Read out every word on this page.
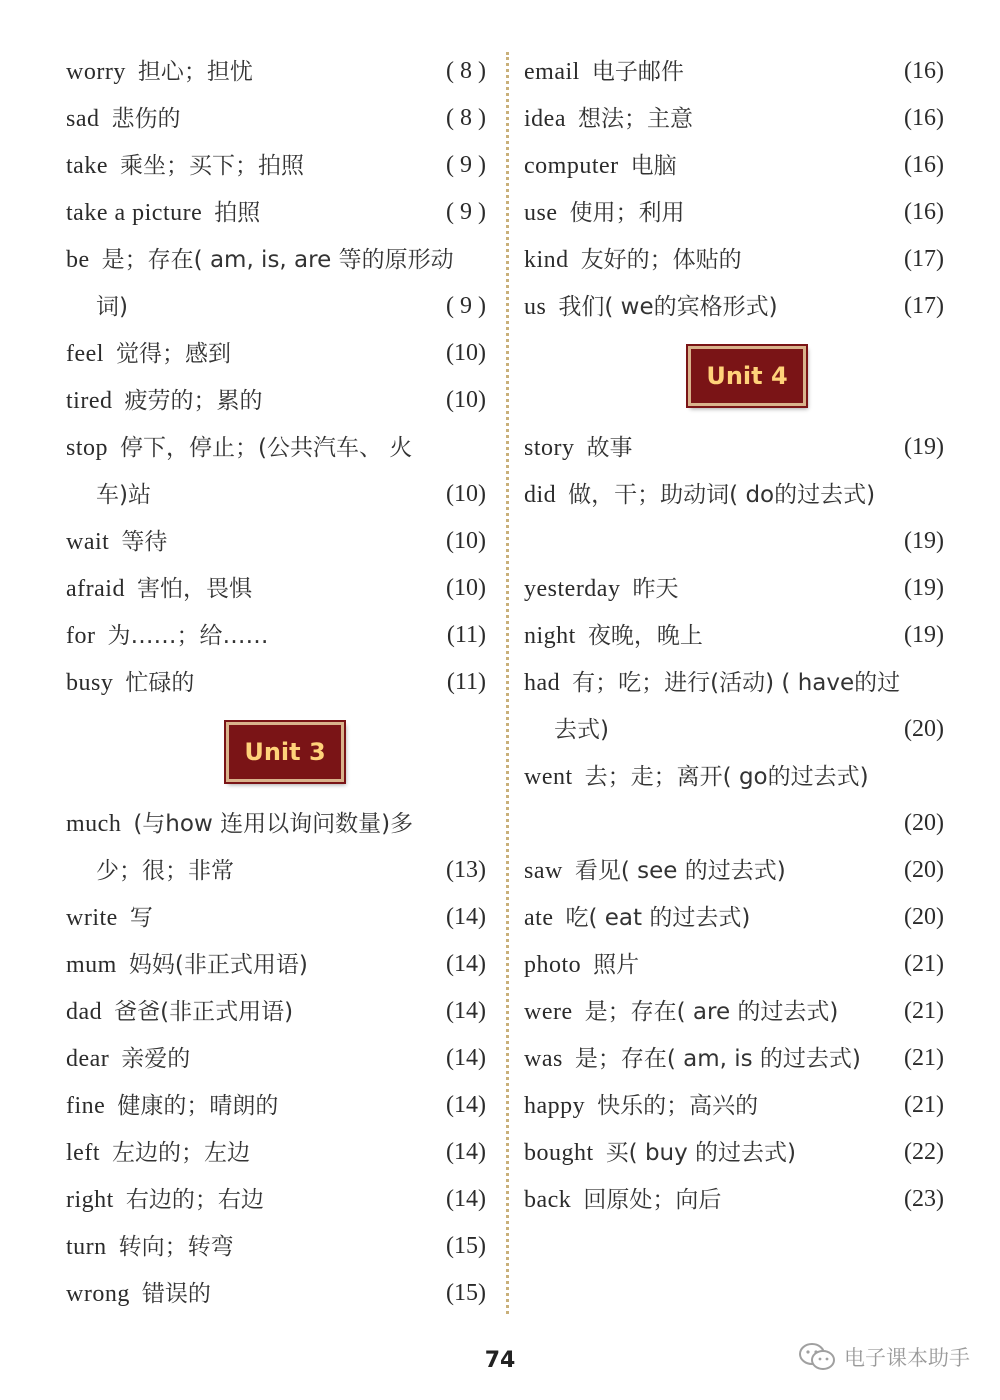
worry 担心；担忧	( 8 )
sad 悲伤的	( 8 )
take 乘坐；买下；拍照	( 9 )
take a picture 拍照	( 9 )
be 是；存在( am, is, are 等的原形动
词)	( 9 )
feel 觉得；感到	(10)
tired 疲劳的；累的	(10)
stop 停下，停止；(公共汽车、 火
车)站	(10)
wait 等待	(10)
afraid 害怕，畏惧	(10)
for 为……；给……	(11)
busy 忙碌的	(11)
Unit 3
much (与how 连用以询问数量)多
少；很；非常	(13)
write 写	(14)
mum 妈妈(非正式用语)	(14)
dad 爸爸(非正式用语)	(14)
dear 亲爱的	(14)
fine 健康的；晴朗的	(14)
left 左边的；左边	(14)
right 右边的；右边	(14)
turn 转向；转弯	(15)
wrong 错误的	(15)
email 电子邮件	(16)
idea 想法；主意	(16)
computer 电脑	(16)
use 使用；利用	(16)
kind 友好的；体贴的	(17)
us 我们( we的宾格形式)	(17)
Unit 4
story 故事	(19)
did 做，干；助动词( do的过去式)
(19)
yesterday 昨天	(19)
night 夜晚，晚上	(19)
had 有；吃；进行(活动) ( have的过
去式)	(20)
went 去；走；离开( go的过去式)
(20)
saw 看见( see 的过去式)	(20)
ate 吃( eat 的过去式)	(20)
photo 照片	(21)
were 是；存在( are 的过去式)	(21)
was 是；存在( am, is 的过去式) (21)
happy 快乐的；高兴的	(21)
bought 买( buy 的过去式)	(22)
back 回原处；向后	(23)
74	电子课本助手
